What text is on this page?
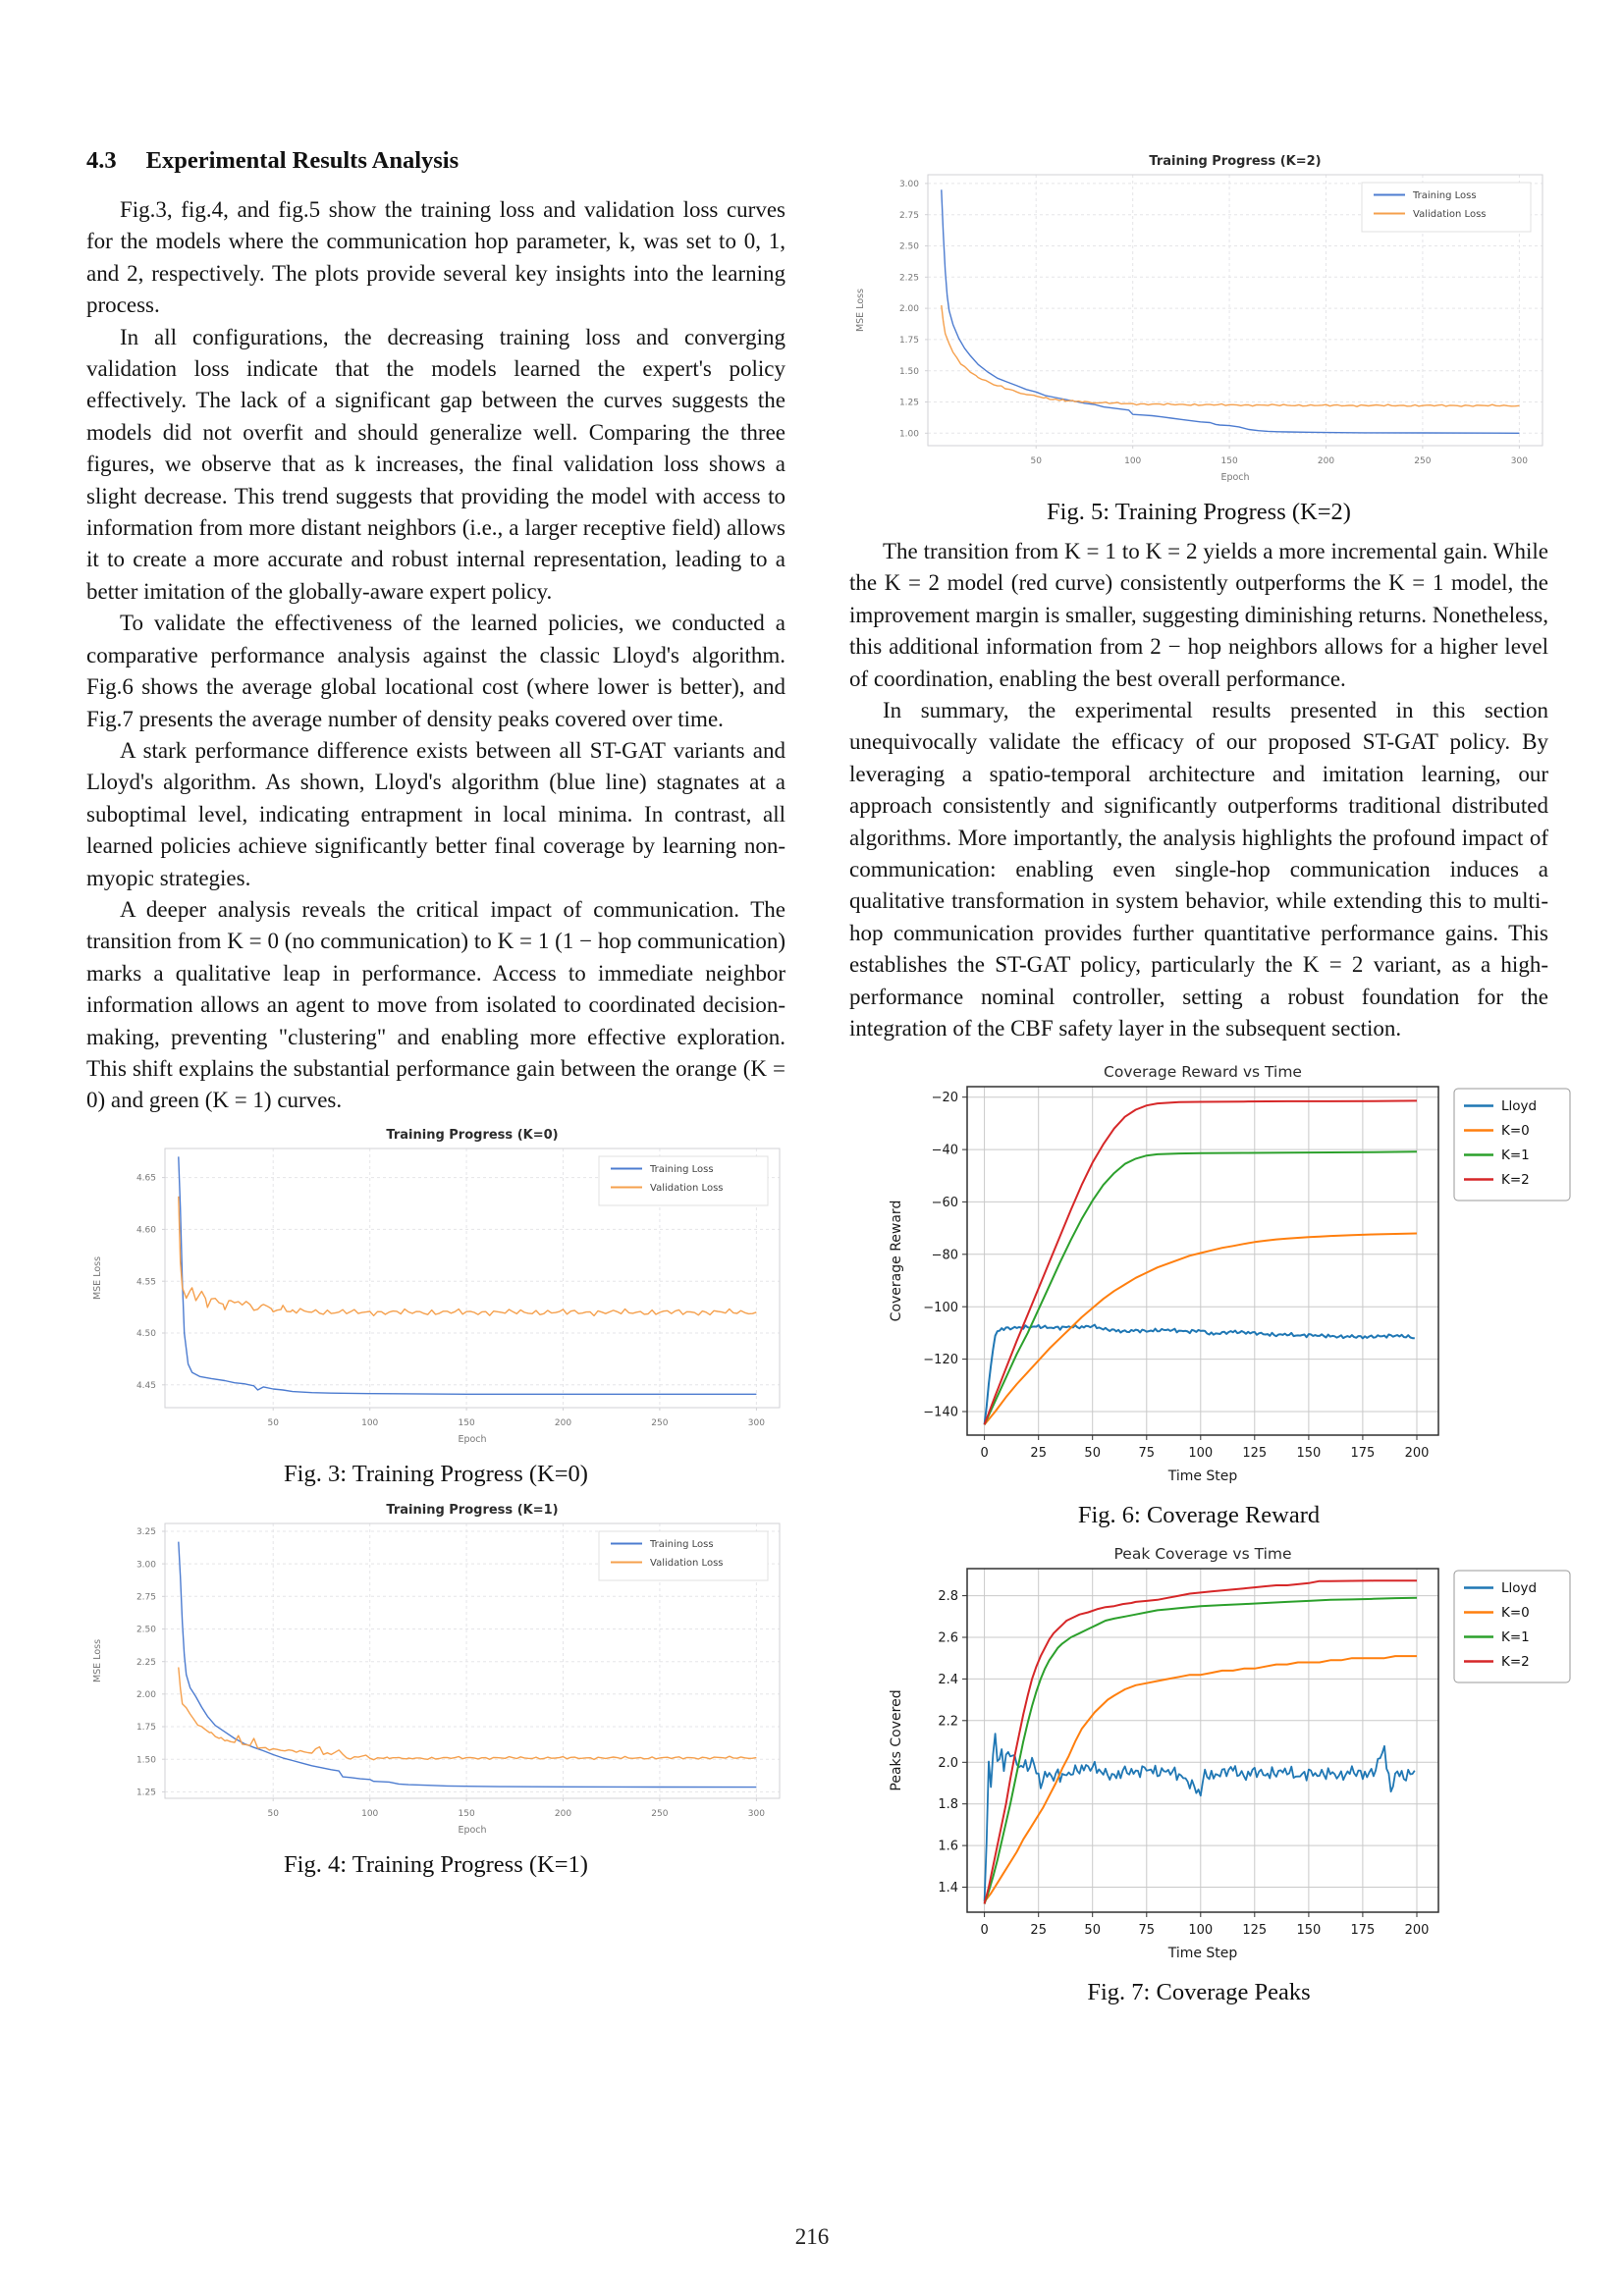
4.3 Experimental Results Analysis

Fig.3, fig.4, and fig.5 show the training loss and validation loss curves for the models where the communication hop parameter, k, was set to 0, 1, and 2, respectively. The plots provide several key insights into the learning process.

In all configurations, the decreasing training loss and converging validation loss indicate that the models learned the expert's policy effectively. The lack of a significant gap between the curves suggests the models did not overfit and should generalize well. Comparing the three figures, we observe that as k increases, the final validation loss shows a slight decrease. This trend suggests that providing the model with access to information from more distant neighbors (i.e., a larger receptive field) allows it to create a more accurate and robust internal representation, leading to a better imitation of the globally-aware expert policy.

To validate the effectiveness of the learned policies, we conducted a comparative performance analysis against the classic Lloyd's algorithm. Fig.6 shows the average global locational cost (where lower is better), and Fig.7 presents the average number of density peaks covered over time.

A stark performance difference exists between all ST-GAT variants and Lloyd's algorithm. As shown, Lloyd's algorithm (blue line) stagnates at a suboptimal level, indicating entrapment in local minima. In contrast, all learned policies achieve significantly better final coverage by learning non-myopic strategies.

A deeper analysis reveals the critical impact of communication. The transition from K = 0 (no communication) to K = 1 (1 − hop communication) marks a qualitative leap in performance. Access to immediate neighbor information allows an agent to move from isolated to coordinated decision-making, preventing "clustering" and enabling more effective exploration. This shift explains the substantial performance gain between the orange (K = 0) and green (K = 1) curves.

50	100	150	200	250	300
4.45
4.50
4.55
4.60
4.65
Training Progress (K=0)
Epoch
MSE Loss
Training Loss
Validation Loss
Fig. 3: Training Progress (K=0)
50	100	150	200	250	300
1.25
1.50
1.75
2.00
2.25
2.50
2.75
3.00
3.25
Training Progress (K=1)
Epoch
MSE Loss
Training Loss
Validation Loss
Fig. 4: Training Progress (K=1)
50	100	150	200	250	300
1.00
1.25
1.50
1.75
2.00
2.25
2.50
2.75
3.00
Training Progress (K=2)
Epoch
MSE Loss
Training Loss
Validation Loss
Fig. 5: Training Progress (K=2)

The transition from K = 1 to K = 2 yields a more incremental gain. While the K = 2 model (red curve) consistently outperforms the K = 1 model, the improvement margin is smaller, suggesting diminishing returns. Nonetheless, this additional information from 2 − hop neighbors allows for a higher level of coordination, enabling the best overall performance.

In summary, the experimental results presented in this section unequivocally validate the efficacy of our proposed ST-GAT policy. By leveraging a spatio-temporal architecture and imitation learning, our approach consistently and significantly outperforms traditional distributed algorithms. More importantly, the analysis highlights the profound impact of communication: enabling even single-hop communication induces a qualitative transformation in system behavior, while extending this to multi-hop communication provides further quantitative performance gains. This establishes the ST-GAT policy, particularly the K = 2 variant, as a high-performance nominal controller, setting a robust foundation for the integration of the CBF safety layer in the subsequent section.

0	25	50	75	100 125 150 175 200
−140
−120
−100
−80
−60
−40
−20
Coverage Reward vs Time
Time Step
Coverage Reward
Lloyd
K=0
K=1
K=2
Fig. 6: Coverage Reward
0	25	50	75	100 125 150 175 200
1.4
1.6
1.8
2.0
2.2
2.4
2.6
2.8
Peak Coverage vs Time
Time Step
Peaks Covered
Lloyd
K=0
K=1
K=2
Fig. 7: Coverage Peaks
216
